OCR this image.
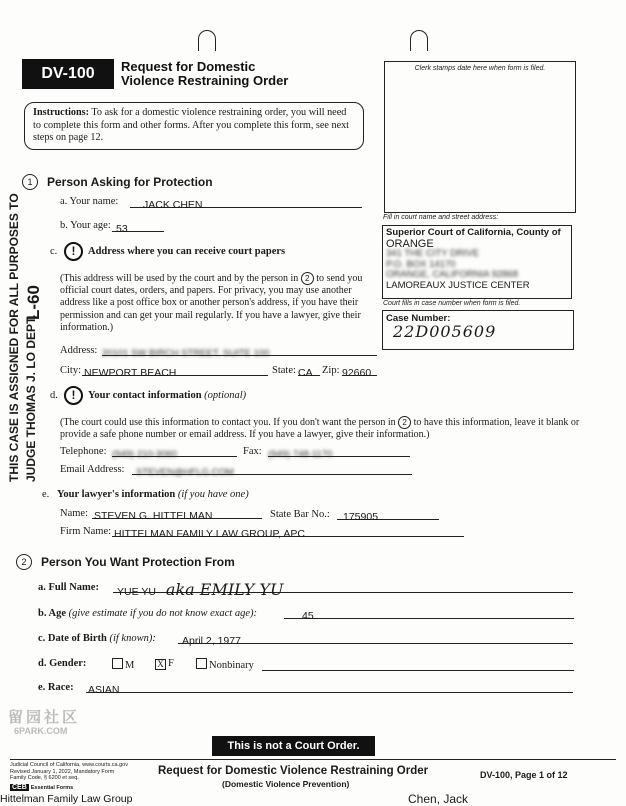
DV-100	Request for Domestic
Violence Restraining Order
Instructions: To ask for a domestic violence restraining order, you will need to complete this form and other forms. After you complete this form, see next steps on page 12.
Clerk stamps date here when form is filed.
Fill in court name and street address:
Superior Court of California, County of
ORANGE
341 THE CITY DRIVE
P.O. BOX 14170
ORANGE, CALIFORNIA 92868
LAMOREAUX JUSTICE CENTER
Court fills in case number when form is filed.
Case Number:
22D005609
THIS CASE IS ASSIGNED FOR ALL PURPOSES TO JUDGE THOMAS J. LO DEPT.
L-60
1	Person Asking for Protection
a. Your name:	JACK CHEN
b. Your age: 53
c.	!	Address where you can receive court papers
(This address will be used by the court and by the person in 2 to send you official court dates, orders, and papers. For privacy, you may use another address like a post office box or another person's address, if you have their permission and can get your mail regularly. If you have a lawyer, give their information.)
Address: 20101 SW BIRCH STREET, SUITE 100
City: NEWPORT BEACH	State: CA Zip: 92660
d.	!	Your contact information (optional)
(The court could use this information to contact you. If you don't want the person in 2 to have this information, leave it blank or provide a safe phone number or email address. If you have a lawyer, give their information.)
Telephone: (949) 210-3060	Fax: (949) 748-1170
Email Address:	STEVEN@HFLG.COM
e. Your lawyer's information (if you have one)
Name: STEVEN G. HITTELMAN	State Bar No.:	175905
Firm Name: HITTELMAN FAMILY LAW GROUP, APC
2	Person You Want Protection From
a. Full Name:	YUE YU aka EMILY YU
b. Age (give estimate if you do not know exact age):	45
c. Date of Birth (if known):	April 2, 1977
d. Gender:	M	X F	Nonbinary
e. Race: ASIAN
留园社区
6PARK.COM
This is not a Court Order.
Judicial Council of California, www.courts.ca.gov
Revised January 1, 2022, Mandatory Form
Family Code, § 6200 et seq.
CEB Essential Forms
Request for Domestic Violence Restraining Order
(Domestic Violence Prevention)
DV-100, Page 1 of 12
Hittelman Family Law Group	Chen, Jack
